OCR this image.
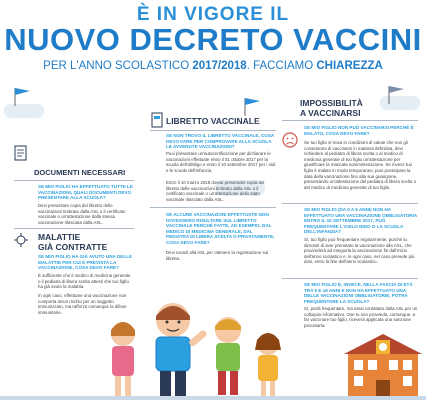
È IN VIGORE IL
NUOVO DECRETO VACCINI
PER L'ANNO SCOLASTICO 2017/2018. FACCIAMO CHIAREZZA
DOCUMENTI NECESSARI
SE MIO FIGLIO HA EFFETTUATO TUTTE LE VACCINAZIONI, QUALI DOCUMENTI DEVO PRESENTARE ALLA SCUOLA?
Devi presentare copia del libretto delle vaccinazioni timbrato dalla ASL o il certificato vaccinale o un'attestazione dalla stessa vaccinazione rilasciata dalla ASL.
MALATTIE
GIÀ CONTRATTE
SE MIO FIGLIO HA GIÀ AVUTO UNA DELLE MALATTIE PER CUI È PREVISTA LA VACCINAZIONE, COSA DEVO FARE?
È sufficiente che il medico di medicina generale o il pediatra di libera scelta attesti che tuo figlio ha già avuto la malattia.
In ogni caso, effettuare una vaccinazione non comporta alcun rischio per un soggetto immunizzato, ma rafforza comunque la difese immunitarie.
LIBRETTO VACCINALE
SE NON TROVO IL LIBRETTO VACCINALE, COSA DEVO FARE PER COMPROVARE ALLA SCUOLA LE AVVENUTE VACCINAZIONI?
Puoi presentare un'autocertificazione per dichiarare le vaccinazioni effettuate entro il 31 ottobre 2017 per la scuola dell'obbligo e entro il 10 settembre 2017 per i nidi e le scuole dell'infanzia.
Entro il 10 marzo 2018 dovrai presentare copia del libretto delle vaccinazioni timbrato dalla ASL o il certificato vaccinale o un'attestazione dello stato vaccinale rilasciato dalla ASL.
SE ALCUNE VACCINAZIONI EFFETTUATE NON DOVESSERO RISULTARE SUL LIBRETTO VACCINALE PERCHÉ FATTE, AD ESEMPIO, DAL MEDICO DI MEDICINA GENERALE, DAL PEDIATRA DI LIBERA SCELTA O PRIVATAMENTE, COSA DEVO FARE?
Devi recarti alla ASL per ottenere la registrazione sul libretto.
IMPOSSIBILITÀ
A VACCINARSI
SE MIO FIGLIO NON PUÒ VACCINARSI PERCHÉ È MALATO, COSA DEVO FARE?
Se tuo figlio si trova in condizioni di salute che non gli consentono di vaccinarsi in maniera definitiva, devi richiedere al pediatra di libera scelta o al medico di medicina generale di tuo figlio un'attestazione per giustificare la mancata somministrazione. Se invece tuo figlio è malato in modo temporaneo, puoi posticipare la data della vaccinazione fino alla sua guarigione, presentando un'attestazione del pediatra di libera scelta o del medico di medicina generale di tuo figlio.
SE MIO FIGLIO (DA 0 A 6 ANNI) NON HA EFFETTUATO UNA VACCINAZIONE OBBLIGATORIA ENTRO IL 10 SETTEMBRE 2017, PUÒ FREQUENTARE L'ASILO NIDO O LA SCUOLA DELL'INFANZIA?
Sì, tuo figlio può frequentare regolarmente, purché tu dimostri di aver prenotato la vaccinazione alla ASL, che provvederà ad eseguirla la vaccinazione fin dall'inizio dell'anno scolastico e, in ogni caso, nel caso prevede più dosi, entro la fine dell'anno scolastico.
SE MIO FIGLIO È, INVECE, NELLA FASCIA DI ETÀ TRA 6 E 16 ANNI E NON HA EFFETTUATO UNA DELLE VACCINAZIONI OBBLIGATORIE, POTRÀ FREQUENTARE LA SCUOLA?
Sì, potrà frequentare, ma sarai contattato dalla ASL per un colloquio informativo. Ove tu non provveda, comunque, a far vaccinare tuo figlio, riceverà applicata una sanzione pecuniaria.
